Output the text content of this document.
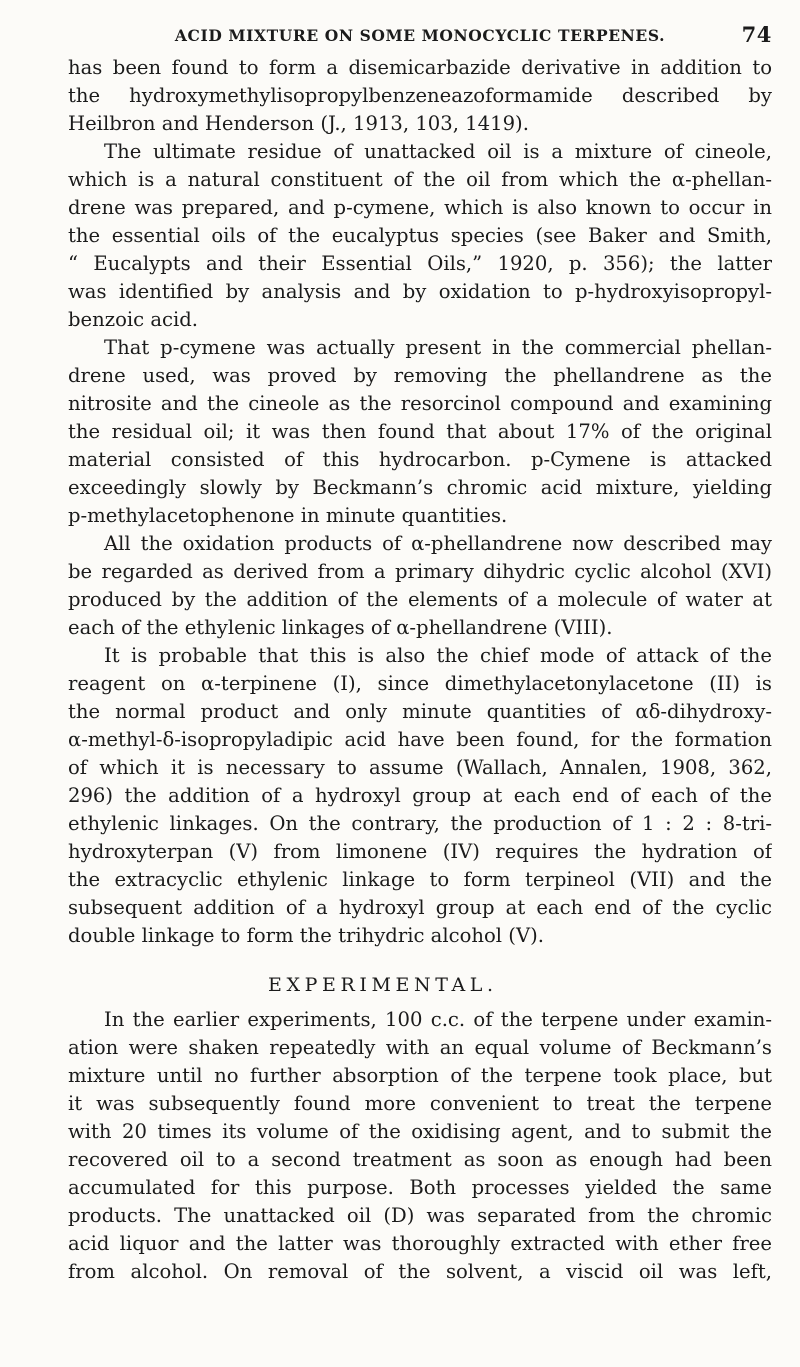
ACID MIXTURE ON SOME MONOCYCLIC TERPENES.	74
has been found to form a disemicarbazide derivative in addition to
the hydroxymethylisopropylbenzeneazoformamide described by
Heilbron and Henderson (J., 1913, 103, 1419).
The ultimate residue of unattacked oil is a mixture of cineole,
which is a natural constituent of the oil from which the α-phellan-
drene was prepared, and p-cymene, which is also known to occur in
the essential oils of the eucalyptus species (see Baker and Smith,
“ Eucalypts and their Essential Oils,” 1920, p. 356); the latter
was identified by analysis and by oxidation to p-hydroxyisopropyl-
benzoic acid.
That p-cymene was actually present in the commercial phellan-
drene used, was proved by removing the phellandrene as the
nitrosite and the cineole as the resorcinol compound and examining
the residual oil; it was then found that about 17% of the original
material consisted of this hydrocarbon. p-Cymene is attacked
exceedingly slowly by Beckmann’s chromic acid mixture, yielding
p-methylacetophenone in minute quantities.
All the oxidation products of α-phellandrene now described may
be regarded as derived from a primary dihydric cyclic alcohol (XVI)
produced by the addition of the elements of a molecule of water at
each of the ethylenic linkages of α-phellandrene (VIII).
It is probable that this is also the chief mode of attack of the
reagent on α-terpinene (I), since dimethylacetonylacetone (II) is
the normal product and only minute quantities of αδ-dihydroxy-
α-methyl-δ-isopropyladipic acid have been found, for the formation
of which it is necessary to assume (Wallach, Annalen, 1908, 362,
296) the addition of a hydroxyl group at each end of each of the
ethylenic linkages. On the contrary, the production of 1 : 2 : 8-tri-
hydroxyterpan (V) from limonene (IV) requires the hydration of
the extracyclic ethylenic linkage to form terpineol (VII) and the
subsequent addition of a hydroxyl group at each end of the cyclic
double linkage to form the trihydric alcohol (V).
EXPERIMENTAL.
In the earlier experiments, 100 c.c. of the terpene under examin-
ation were shaken repeatedly with an equal volume of Beckmann’s
mixture until no further absorption of the terpene took place, but
it was subsequently found more convenient to treat the terpene
with 20 times its volume of the oxidising agent, and to submit the
recovered oil to a second treatment as soon as enough had been
accumulated for this purpose. Both processes yielded the same
products. The unattacked oil (D) was separated from the chromic
acid liquor and the latter was thoroughly extracted with ether free
from alcohol. On removal of the solvent, a viscid oil was left,
